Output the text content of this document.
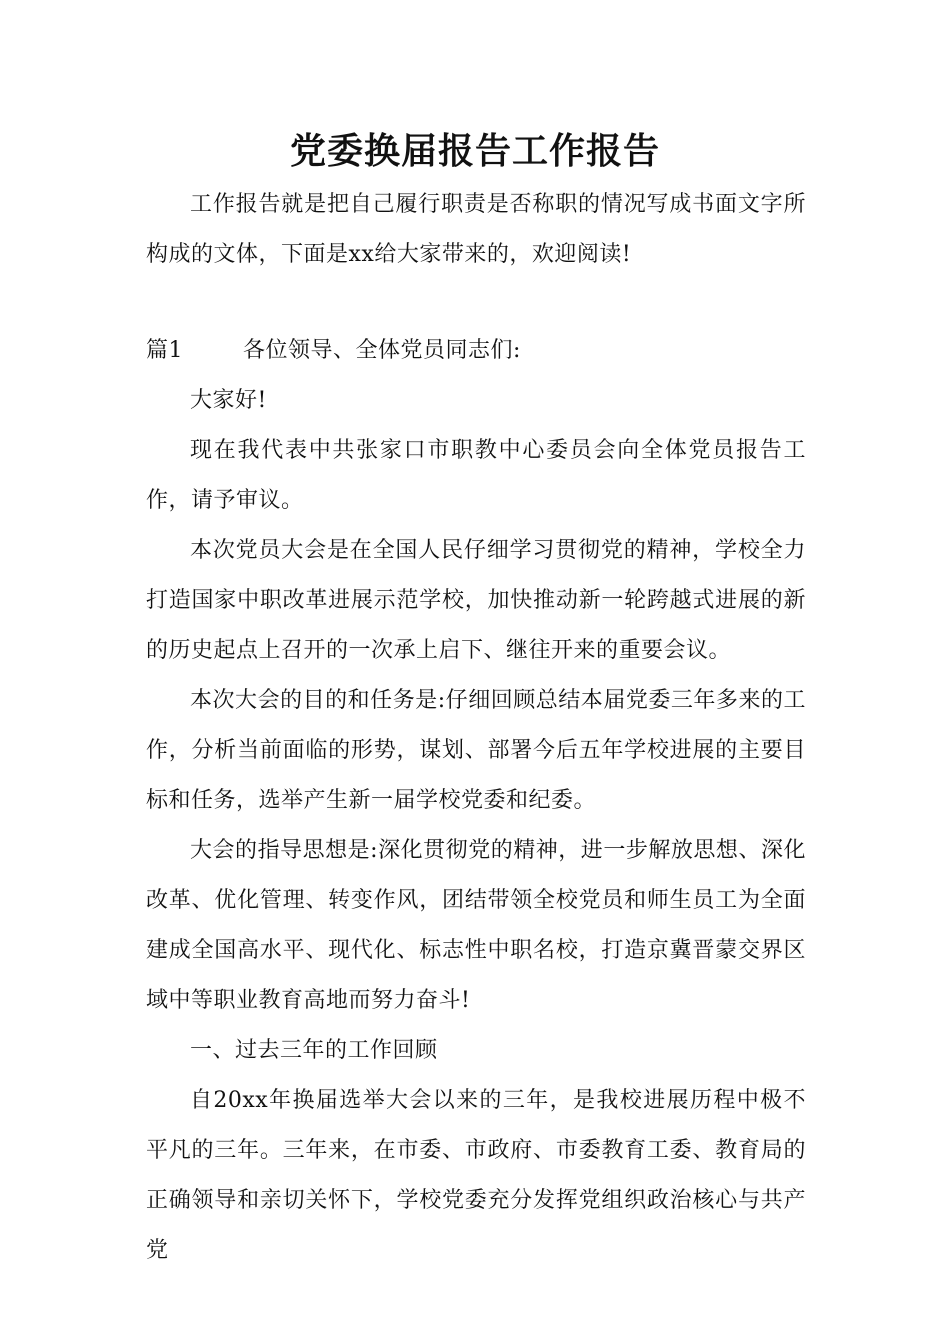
党委换届报告工作报告

工作报告就是把自己履行职责是否称职的情况写成书面文字所构成的文体，下面是xx给大家带来的，欢迎阅读!

篇1	各位领导、全体党员同志们:

大家好!

现在我代表中共张家口市职教中心委员会向全体党员报告工作，请予审议。

本次党员大会是在全国人民仔细学习贯彻党的精神，学校全力打造国家中职改革进展示范学校，加快推动新一轮跨越式进展的新的历史起点上召开的一次承上启下、继往开来的重要会议。

本次大会的目的和任务是:仔细回顾总结本届党委三年多来的工作，分析当前面临的形势，谋划、部署今后五年学校进展的主要目标和任务，选举产生新一届学校党委和纪委。

大会的指导思想是:深化贯彻党的精神，进一步解放思想、深化改革、优化管理、转变作风，团结带领全校党员和师生员工为全面建成全国高水平、现代化、标志性中职名校，打造京冀晋蒙交界区域中等职业教育高地而努力奋斗!

一、过去三年的工作回顾

自20xx年换届选举大会以来的三年，是我校进展历程中极不平凡的三年。三年来，在市委、市政府、市委教育工委、教育局的正确领导和亲切关怀下，学校党委充分发挥党组织政治核心与共产党
